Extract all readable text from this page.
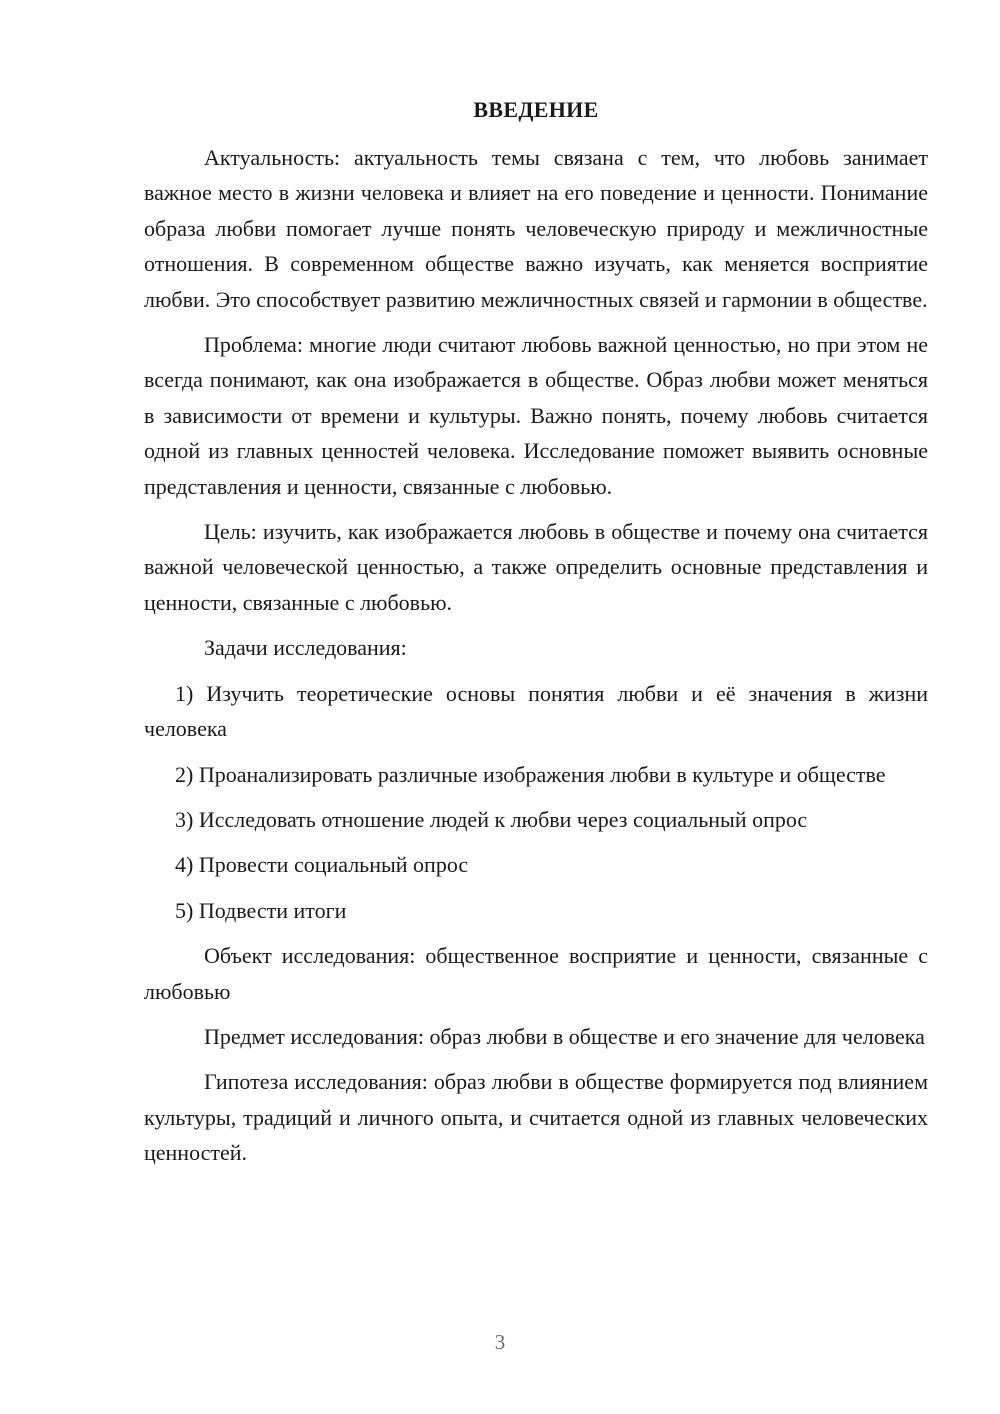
ВВЕДЕНИЕ

Актуальность: актуальность темы связана с тем, что любовь занимает важное место в жизни человека и влияет на его поведение и ценности. Понимание образа любви помогает лучше понять человеческую природу и межличностные отношения. В современном обществе важно изучать, как меняется восприятие любви. Это способствует развитию межличностных связей и гармонии в обществе.

Проблема: многие люди считают любовь важной ценностью, но при этом не всегда понимают, как она изображается в обществе. Образ любви может меняться в зависимости от времени и культуры. Важно понять, почему любовь считается одной из главных ценностей человека. Исследование поможет выявить основные представления и ценности, связанные с любовью.

Цель: изучить, как изображается любовь в обществе и почему она считается важной человеческой ценностью, а также определить основные представления и ценности, связанные с любовью.

Задачи исследования:

1) Изучить теоретические основы понятия любви и её значения в жизни человека

2) Проанализировать различные изображения любви в культуре и обществе

3) Исследовать отношение людей к любви через социальный опрос

4) Провести социальный опрос

5) Подвести итоги

Объект исследования: общественное восприятие и ценности, связанные с любовью

Предмет исследования: образ любви в обществе и его значение для человека

Гипотеза исследования: образ любви в обществе формируется под влиянием культуры, традиций и личного опыта, и считается одной из главных человеческих ценностей.

3
